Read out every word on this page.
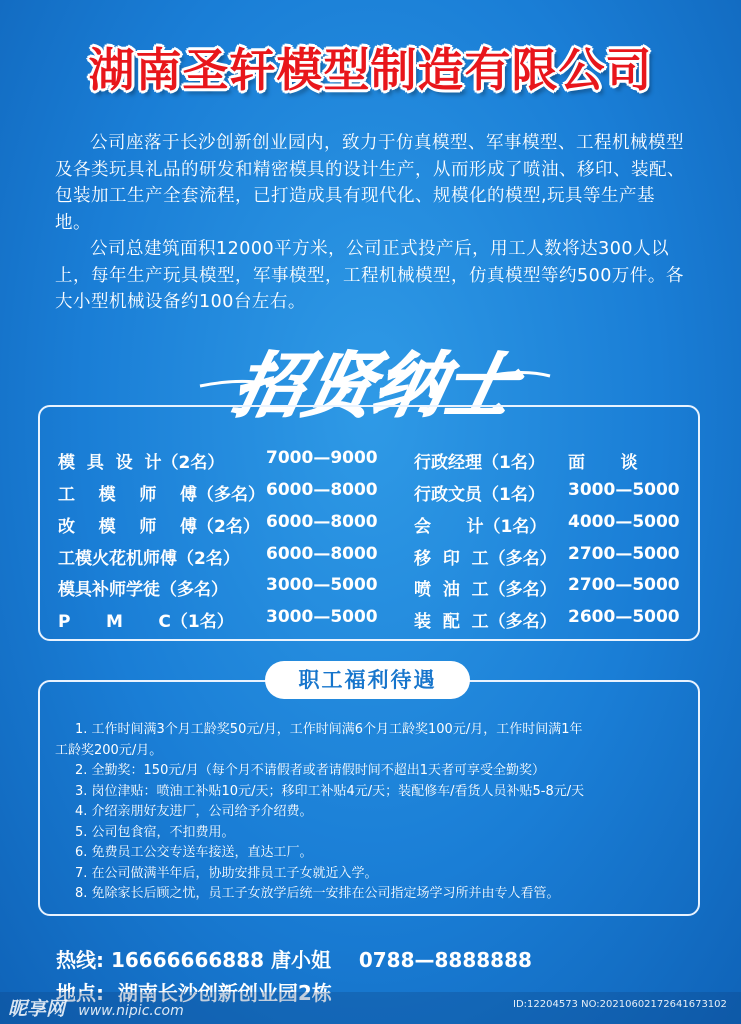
湖南圣轩模型制造有限公司

公司座落于长沙创新创业园内，致力于仿真模型、军事模型、工程机械模型及各类玩具礼品的研发和精密模具的设计生产，从而形成了喷油、移印、装配、包装加工生产全套流程，已打造成具有现代化、规模化的模型,玩具等生产基地。

公司总建筑面积12000平方米，公司正式投产后，用工人数将达300人以上，每年生产玩具模型，军事模型，工程机械模型，仿真模型等约500万件。各大小型机械设备约100台左右。

招贤纳士
模  具  设  计（2名）	7000—9000 行政经理（1名） 面      谈
工    模    师    傅（多名） 6000—8000 行政文员（1名） 3000—5000
改    模    师    傅（2名） 6000—8000 会      计（1名） 4000—5000
工模火花机师傅（2名）	6000—8000 移  印  工（多名） 2700—5000
模具补师学徒（多名）	3000—5000 喷  油  工（多名） 2700—5000
P      M      C（1名）	3000—5000 装  配  工（多名） 2600—5000
职工福利待遇
1. 工作时间满3个月工龄奖50元/月，工作时间满6个月工龄奖100元/月，工作时间满1年
工龄奖200元/月。
2. 全勤奖：150元/月（每个月不请假者或者请假时间不超出1天者可享受全勤奖）
3. 岗位津贴：喷油工补贴10元/天；移印工补贴4元/天；装配修车/看货人员补贴5-8元/天
4. 介绍亲朋好友进厂，公司给予介绍费。
5. 公司包食宿，不扣费用。
6. 免费员工公交专送车接送，直达工厂。
7. 在公司做满半年后，协助安排员工子女就近入学。
8. 免除家长后顾之忧，员工子女放学后统一安排在公司指定场学习所并由专人看管。
热线: 16666666888 唐小姐    0788—8888888
地点:  湖南长沙创新创业园2栋
昵享网 www.nipic.com	ID:12204573 NO:20210602172641673102
